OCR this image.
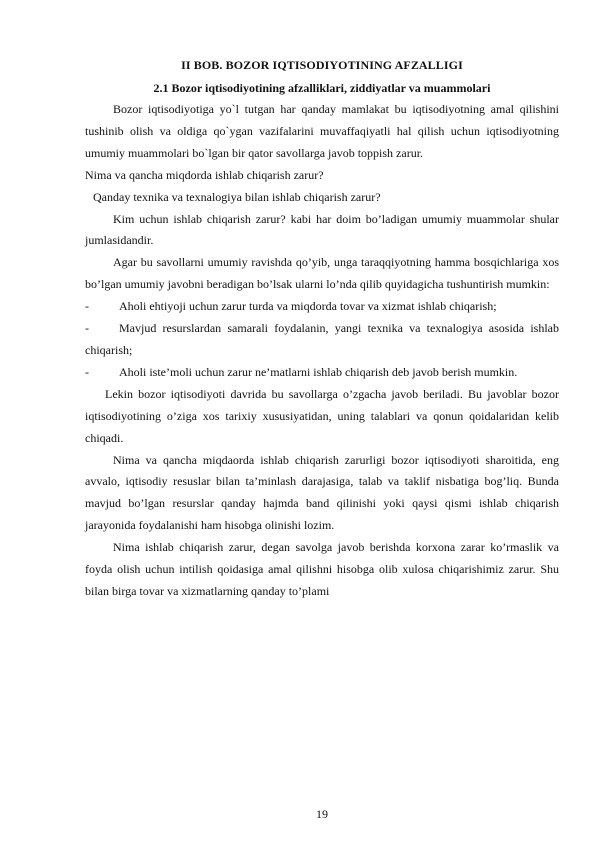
II BOB. BOZOR IQTISODIYOTINING AFZALLIGI
2.1 Bozor iqtisodiyotining afzalliklari, ziddiyatlar va muammolari

Bozor iqtisodiyotiga yo`l tutgan har qanday mamlakat bu iqtisodiyotning amal qilishini tushinib olish va oldiga qo`ygan vazifalarini muvaffaqiyatli hal qilish uchun iqtisodiyotning umumiy muammolari bo`lgan bir qator savollarga javob toppish zarur.

Nima va qancha miqdorda ishlab chiqarish zarur?

Qanday texnika va texnalogiya bilan ishlab chiqarish zarur?

Kim uchun ishlab chiqarish zarur? kabi har doim bo’ladigan umumiy muammolar shular jumlasidandir.

Agar bu savollarni umumiy ravishda qo’yib, unga taraqqiyotning hamma bosqichlariga xos bo’lgan umumiy javobni beradigan bo’lsak ularni lo’nda qilib quyidagicha tushuntirish mumkin:

-	Aholi ehtiyoji uchun zarur turda va miqdorda tovar va xizmat ishlab chiqarish;

-	Mavjud resurslardan samarali foydalanin, yangi texnika va texnalogiya asosida ishlab chiqarish;

-	Aholi iste’moli uchun zarur ne’matlarni ishlab chiqarish deb javob berish mumkin.

Lekin bozor iqtisodiyoti davrida bu savollarga o’zgacha javob beriladi. Bu javoblar bozor iqtisodiyotining o’ziga xos tarixiy xususiyatidan, uning talablari va qonun qoidalaridan kelib chiqadi.

Nima va qancha miqdaorda ishlab chiqarish zarurligi bozor iqtisodiyoti sharoitida, eng avvalo, iqtisodiy resuslar bilan ta’minlash darajasiga, talab va taklif nisbatiga bog’liq. Bunda mavjud bo’lgan resurslar qanday hajmda band qilinishi yoki qaysi qismi ishlab chiqarish jarayonida foydalanishi ham hisobga olinishi lozim.

Nima ishlab chiqarish zarur, degan savolga javob berishda korxona zarar ko’rmaslik va foyda olish uchun intilish qoidasiga amal qilishni hisobga olib xulosa chiqarishimiz zarur. Shu bilan birga tovar va xizmatlarning qanday to’plami

19
